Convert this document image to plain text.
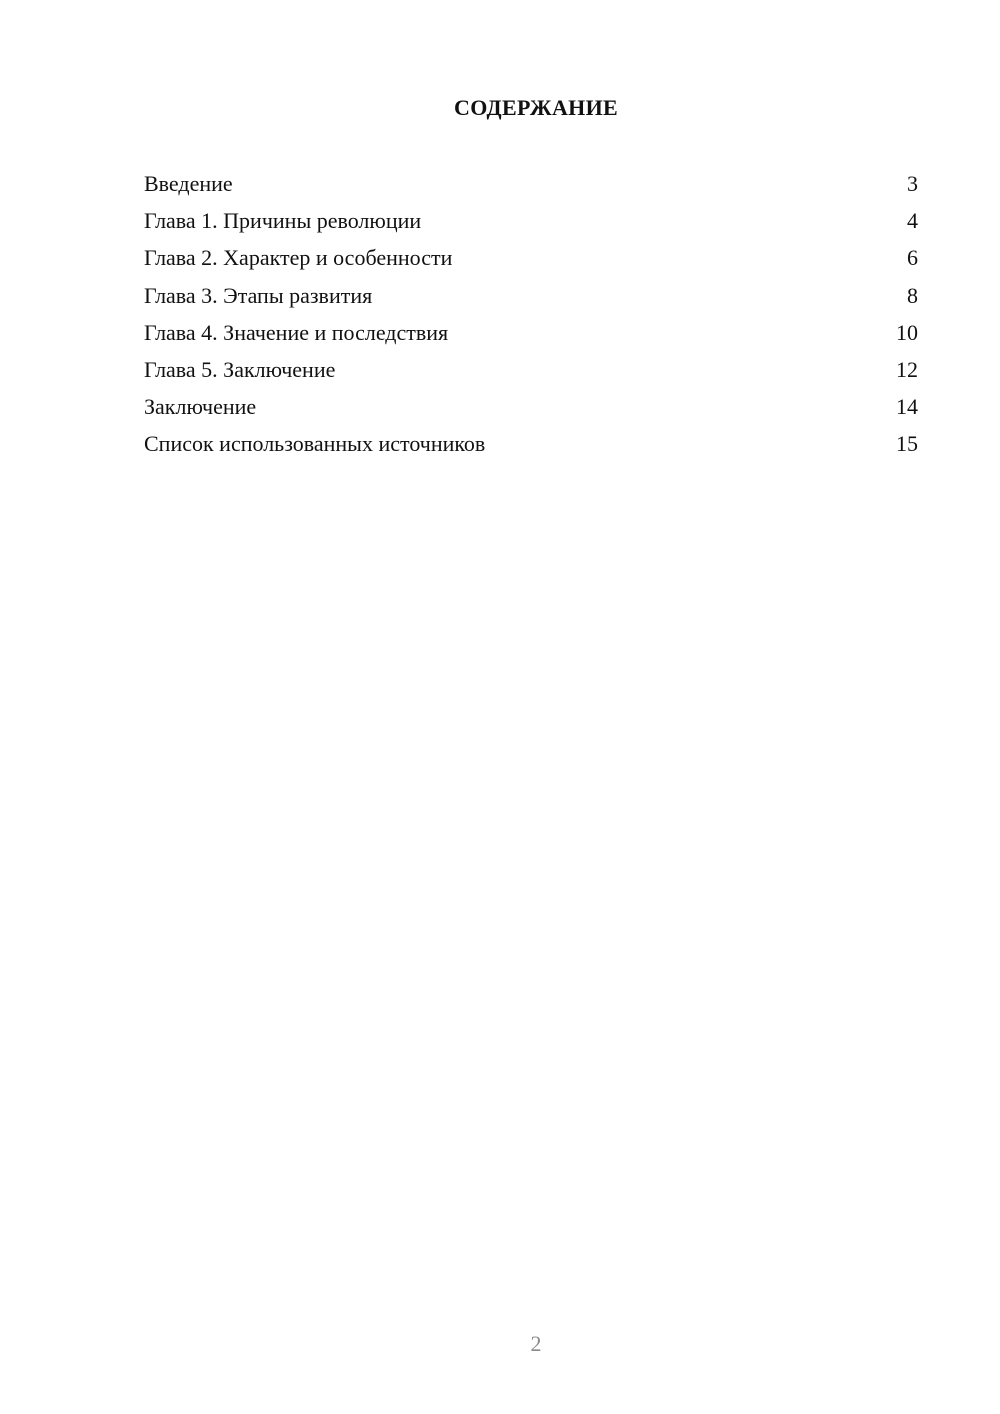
СОДЕРЖАНИЕ
Введение	3
Глава 1. Причины революции	4
Глава 2. Характер и особенности	6
Глава 3. Этапы развития	8
Глава 4. Значение и последствия	10
Глава 5. Заключение	12
Заключение	14
Список использованных источников	15
2
